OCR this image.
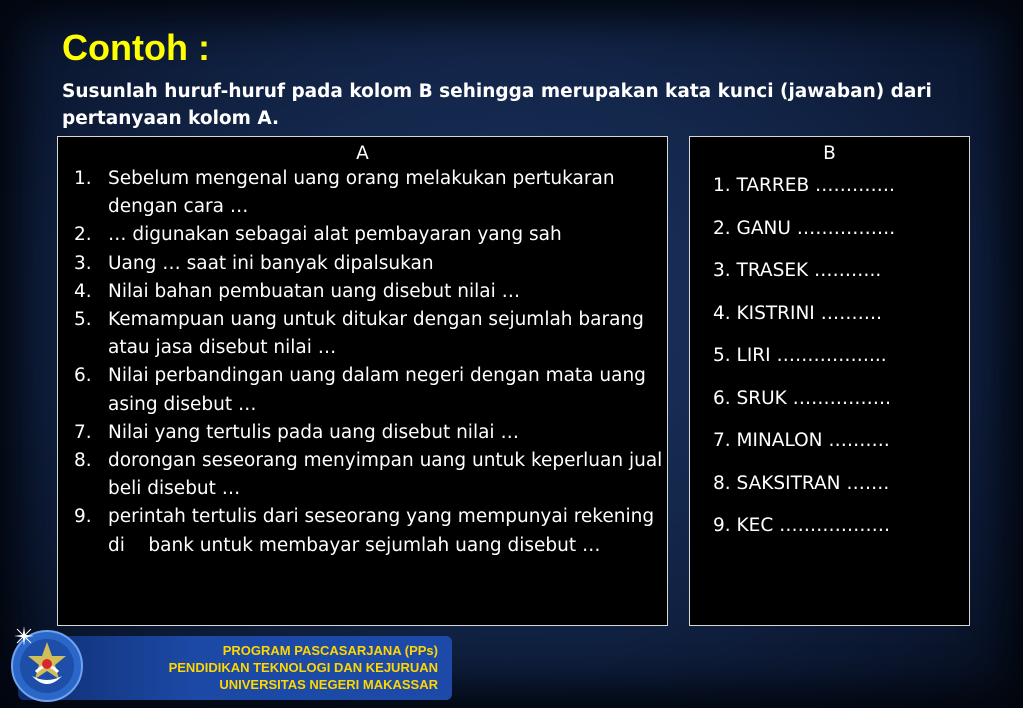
Contoh :

Susunlah huruf-huruf pada kolom B sehingga merupakan kata kunci (jawaban) dari pertanyaan kolom A.

A
1. Sebelum mengenal uang orang melakukan pertukaran dengan cara …
2. … digunakan sebagai alat pembayaran yang sah
3. Uang … saat ini banyak dipalsukan
4. Nilai bahan pembuatan uang disebut nilai …
5. Kemampuan uang untuk ditukar dengan sejumlah barang atau jasa disebut nilai …
6. Nilai perbandingan uang dalam negeri dengan mata uang asing disebut …
7. Nilai yang tertulis pada uang disebut nilai …
8. dorongan seseorang menyimpan uang untuk keperluan jual beli disebut …
9. perintah tertulis dari seseorang yang mempunyai rekening di    bank untuk membayar sejumlah uang disebut …
B
1. TARREB ………….
2. GANU …………….
3. TRASEK ………..
4. KISTRINI ……….
5. LIRI ……………...
6. SRUK …………….
7. MINALON ……….
8. SAKSITRAN …….
9. KEC ………………
PROGRAM PASCASARJANA (PPs)
PENDIDIKAN TEKNOLOGI DAN KEJURUAN
UNIVERSITAS NEGERI MAKASSAR
